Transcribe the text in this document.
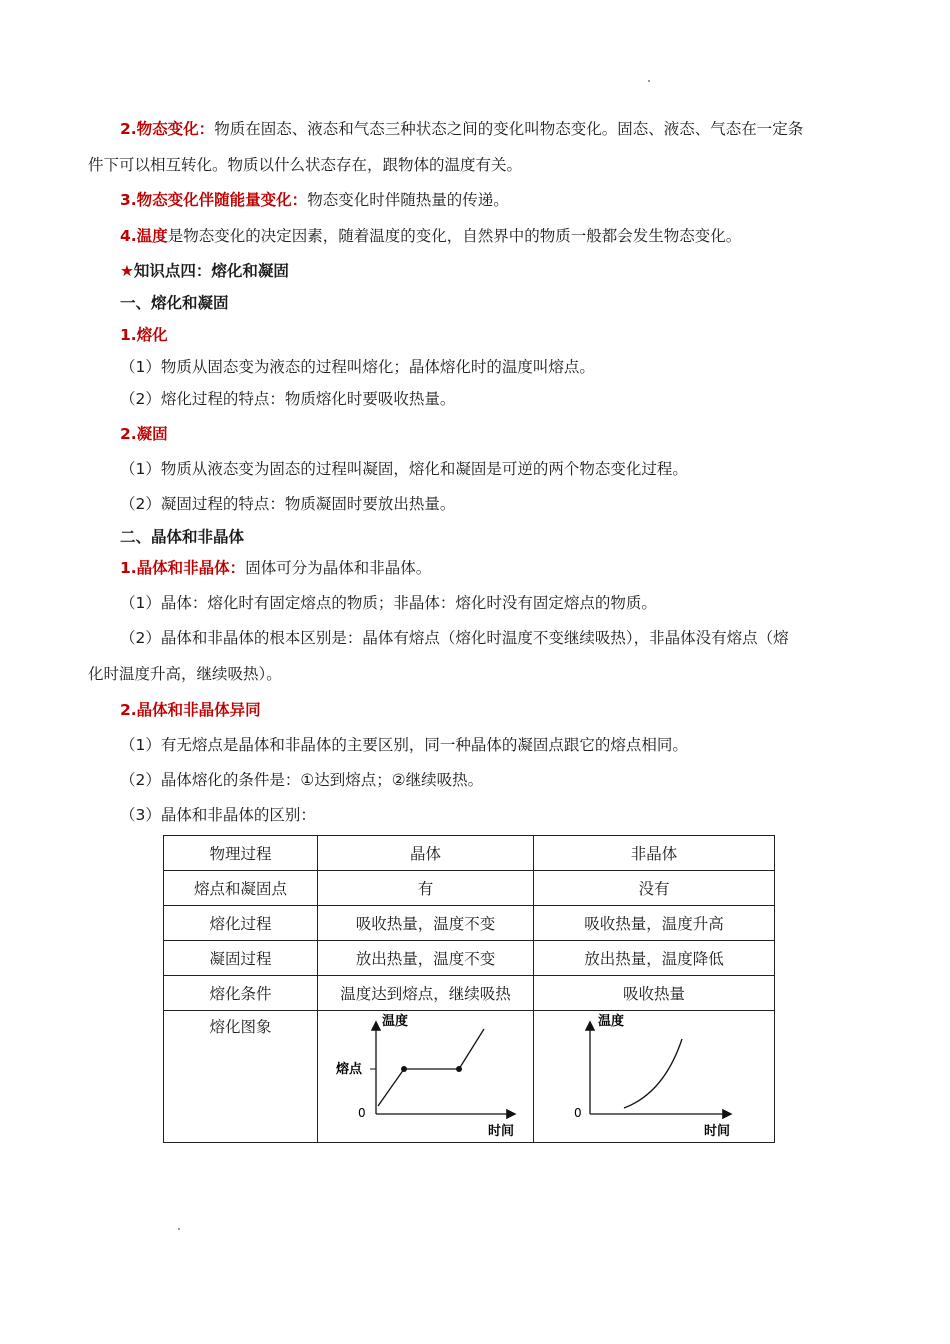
2.物态变化：物质在固态、液态和气态三种状态之间的变化叫物态变化。固态、液态、气态在一定条
件下可以相互转化。物质以什么状态存在，跟物体的温度有关。
3.物态变化伴随能量变化：物态变化时伴随热量的传递。
4.温度是物态变化的决定因素，随着温度的变化，自然界中的物质一般都会发生物态变化。
★知识点四：熔化和凝固
一、熔化和凝固
1.熔化
（1）物质从固态变为液态的过程叫熔化；晶体熔化时的温度叫熔点。
（2）熔化过程的特点：物质熔化时要吸收热量。
2.凝固
（1）物质从液态变为固态的过程叫凝固，熔化和凝固是可逆的两个物态变化过程。
（2）凝固过程的特点：物质凝固时要放出热量。
二、晶体和非晶体
1.晶体和非晶体：固体可分为晶体和非晶体。
（1）晶体：熔化时有固定熔点的物质；非晶体：熔化时没有固定熔点的物质。
（2）晶体和非晶体的根本区别是：晶体有熔点（熔化时温度不变继续吸热），非晶体没有熔点（熔
化时温度升高，继续吸热）。
2.晶体和非晶体异同
（1）有无熔点是晶体和非晶体的主要区别，同一种晶体的凝固点跟它的熔点相同。
（2）晶体熔化的条件是：①达到熔点；②继续吸热。
（3）晶体和非晶体的区别：
物理过程	晶体	非晶体
熔点和凝固点	有	没有
熔化过程	吸收热量，温度不变	吸收热量，温度升高
凝固过程	放出热量，温度不变	放出热量，温度降低
熔化条件	温度达到熔点，继续吸热	吸收热量
熔化图象	温度
时间
0
熔点	温度
时间
0
